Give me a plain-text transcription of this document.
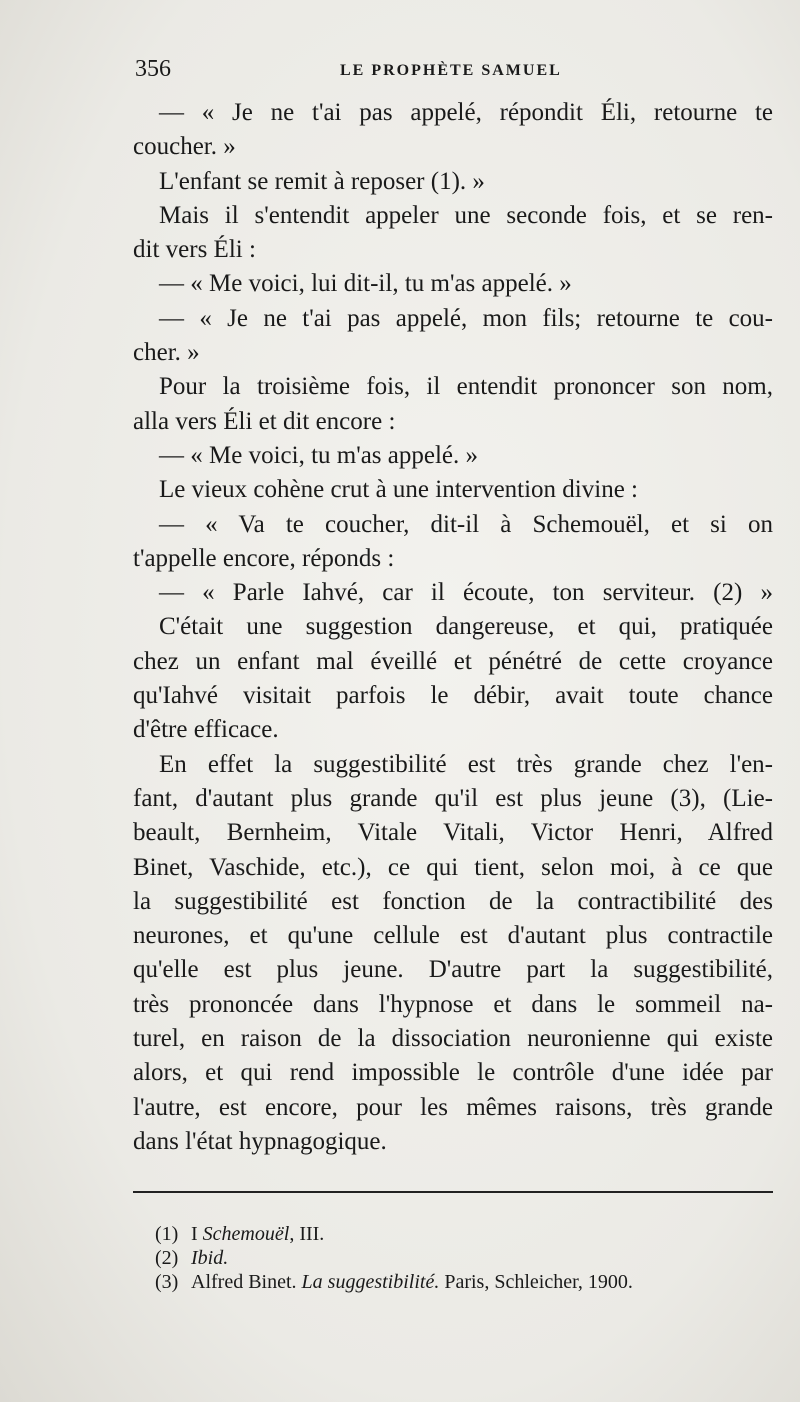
356	LE PROPHÈTE SAMUEL
— « Je ne t'ai pas appelé, répondit Éli, retourne te
coucher. »
L'enfant se remit à reposer (1). »
Mais il s'entendit appeler une seconde fois, et se ren-
dit vers Éli :
— « Me voici, lui dit-il, tu m'as appelé. »
— « Je ne t'ai pas appelé, mon fils; retourne te cou-
cher. »
Pour la troisième fois, il entendit prononcer son nom,
alla vers Éli et dit encore :
— « Me voici, tu m'as appelé. »
Le vieux cohène crut à une intervention divine :
— « Va te coucher, dit-il à Schemouël, et si on
t'appelle encore, réponds :
— « Parle Iahvé, car il écoute, ton serviteur. (2) »
C'était une suggestion dangereuse, et qui, pratiquée
chez un enfant mal éveillé et pénétré de cette croyance
qu'Iahvé visitait parfois le débir, avait toute chance
d'être efficace.
En effet la suggestibilité est très grande chez l'en-
fant, d'autant plus grande qu'il est plus jeune (3), (Lie-
beault, Bernheim, Vitale Vitali, Victor Henri, Alfred
Binet, Vaschide, etc.), ce qui tient, selon moi, à ce que
la suggestibilité est fonction de la contractibilité des
neurones, et qu'une cellule est d'autant plus contractile
qu'elle est plus jeune. D'autre part la suggestibilité,
très prononcée dans l'hypnose et dans le sommeil na-
turel, en raison de la dissociation neuronienne qui existe
alors, et qui rend impossible le contrôle d'une idée par
l'autre, est encore, pour les mêmes raisons, très grande
dans l'état hypnagogique.
(1) I Schemouël, III.
(2) Ibid.
(3) Alfred Binet. La suggestibilité. Paris, Schleicher, 1900.
